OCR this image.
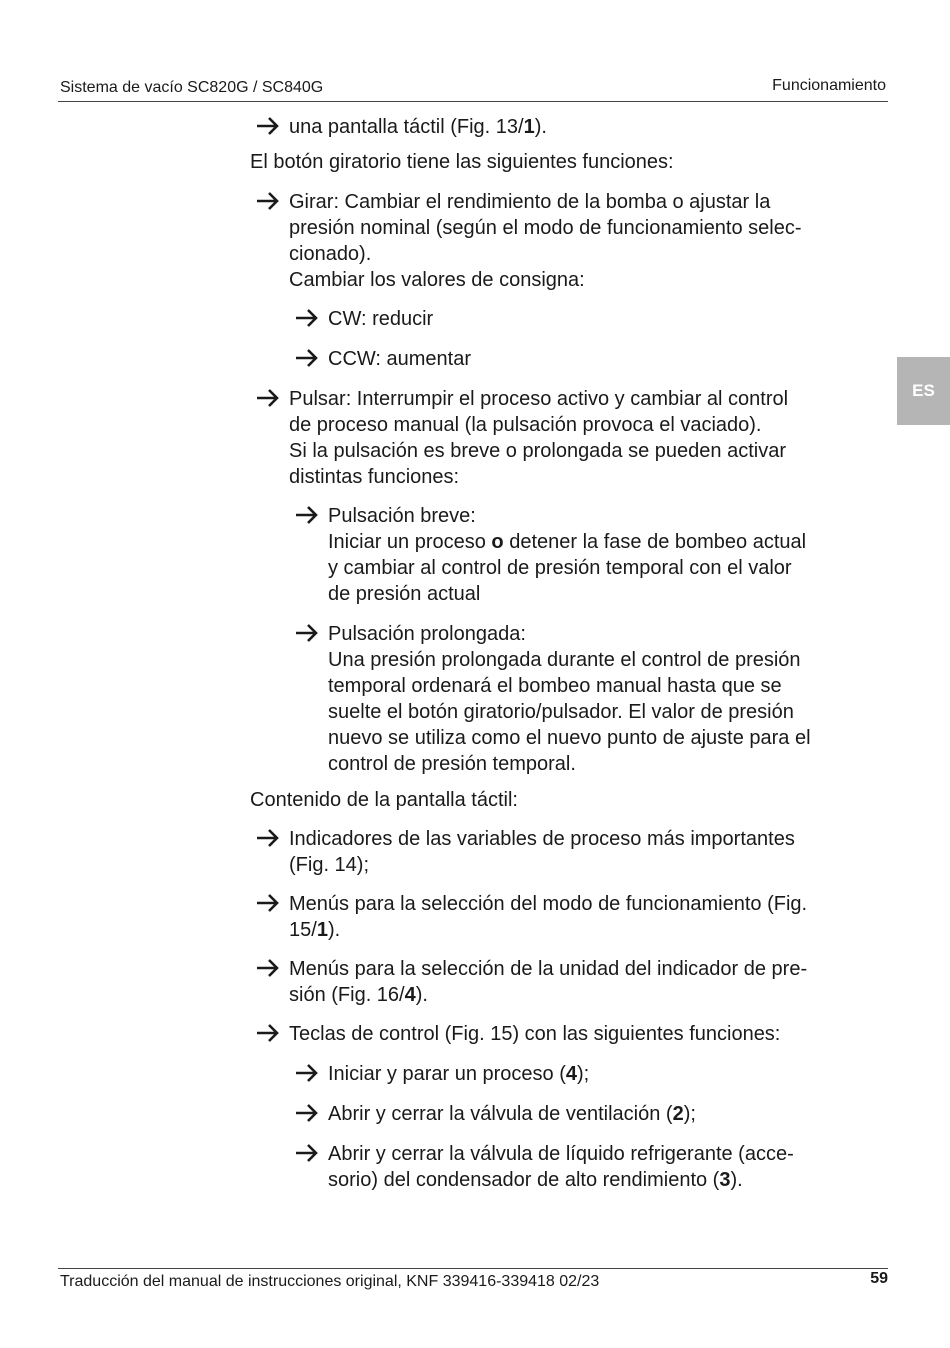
Sistema de vacío SC820G / SC840G	Funcionamiento
ES
una pantalla táctil (Fig. 13/1).
El botón giratorio tiene las siguientes funciones:
Girar: Cambiar el rendimiento de la bomba o ajustar la
presión nominal (según el modo de funcionamiento selec-
cionado).
Cambiar los valores de consigna:
CW: reducir
CCW: aumentar
Pulsar: Interrumpir el proceso activo y cambiar al control
de proceso manual (la pulsación provoca el vaciado).
Si la pulsación es breve o prolongada se pueden activar
distintas funciones:
Pulsación breve:
Iniciar un proceso o detener la fase de bombeo actual
y cambiar al control de presión temporal con el valor
de presión actual
Pulsación prolongada:
Una presión prolongada durante el control de presión
temporal ordenará el bombeo manual hasta que se
suelte el botón giratorio/pulsador. El valor de presión
nuevo se utiliza como el nuevo punto de ajuste para el
control de presión temporal.
Contenido de la pantalla táctil:
Indicadores de las variables de proceso más importantes
(Fig. 14);
Menús para la selección del modo de funcionamiento (Fig.
15/1).
Menús para la selección de la unidad del indicador de pre-
sión (Fig. 16/4).
Teclas de control (Fig. 15) con las siguientes funciones:
Iniciar y parar un proceso (4);
Abrir y cerrar la válvula de ventilación (2);
Abrir y cerrar la válvula de líquido refrigerante (acce-
sorio) del condensador de alto rendimiento (3).
Traducción del manual de instrucciones original, KNF 339416-339418 02/23	59
